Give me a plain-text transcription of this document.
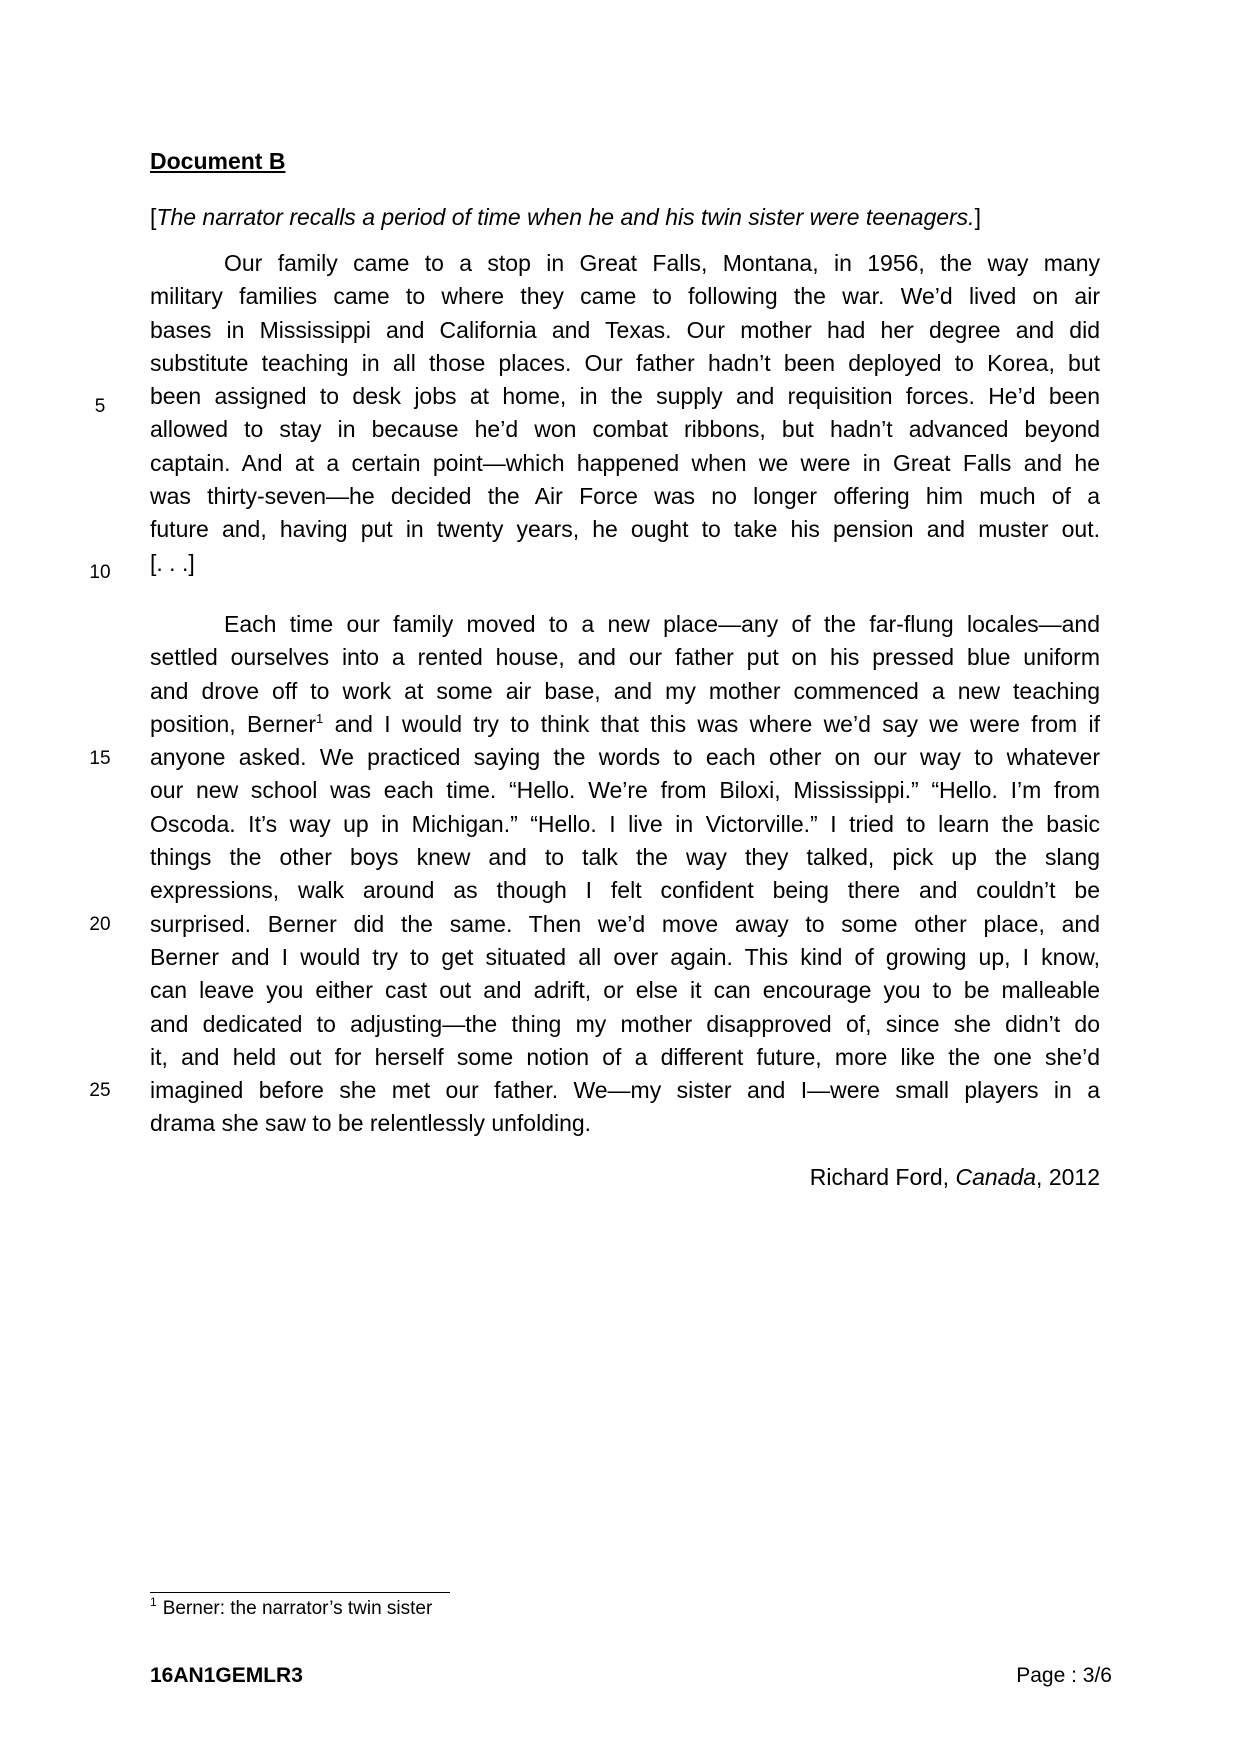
Document B
[The narrator recalls a period of time when he and his twin sister were teenagers.]
Our family came to a stop in Great Falls, Montana, in 1956, the way many
military families came to where they came to following the war. We’d lived on air
bases in Mississippi and California and Texas. Our mother had her degree and did
substitute teaching in all those places. Our father hadn’t been deployed to Korea, but
been assigned to desk jobs at home, in the supply and requisition forces. He’d been
allowed to stay in because he’d won combat ribbons, but hadn’t advanced beyond
captain. And at a certain point—which happened when we were in Great Falls and he
was thirty-seven—he decided the Air Force was no longer offering him much of a
future and, having put in twenty years, he ought to take his pension and muster out.
[. . .]
Each time our family moved to a new place—any of the far-flung locales—and
settled ourselves into a rented house, and our father put on his pressed blue uniform
and drove off to work at some air base, and my mother commenced a new teaching
position, Berner$^1$ and I would try to think that this was where we’d say we were from if
anyone asked. We practiced saying the words to each other on our way to whatever
our new school was each time. “Hello. We’re from Biloxi, Mississippi.” “Hello. I’m from
Oscoda. It’s way up in Michigan.” “Hello. I live in Victorville.” I tried to learn the basic
things the other boys knew and to talk the way they talked, pick up the slang
expressions, walk around as though I felt confident being there and couldn’t be
surprised. Berner did the same. Then we’d move away to some other place, and
Berner and I would try to get situated all over again. This kind of growing up, I know,
can leave you either cast out and adrift, or else it can encourage you to be malleable
and dedicated to adjusting—the thing my mother disapproved of, since she didn’t do
it, and held out for herself some notion of a different future, more like the one she’d
imagined before she met our father. We—my sister and I—were small players in a
drama she saw to be relentlessly unfolding.
5
10
15
20
25
Richard Ford, Canada, 2012
$^1$ Berner: the narrator’s twin sister
16AN1GEMLR3	Page : 3/6
